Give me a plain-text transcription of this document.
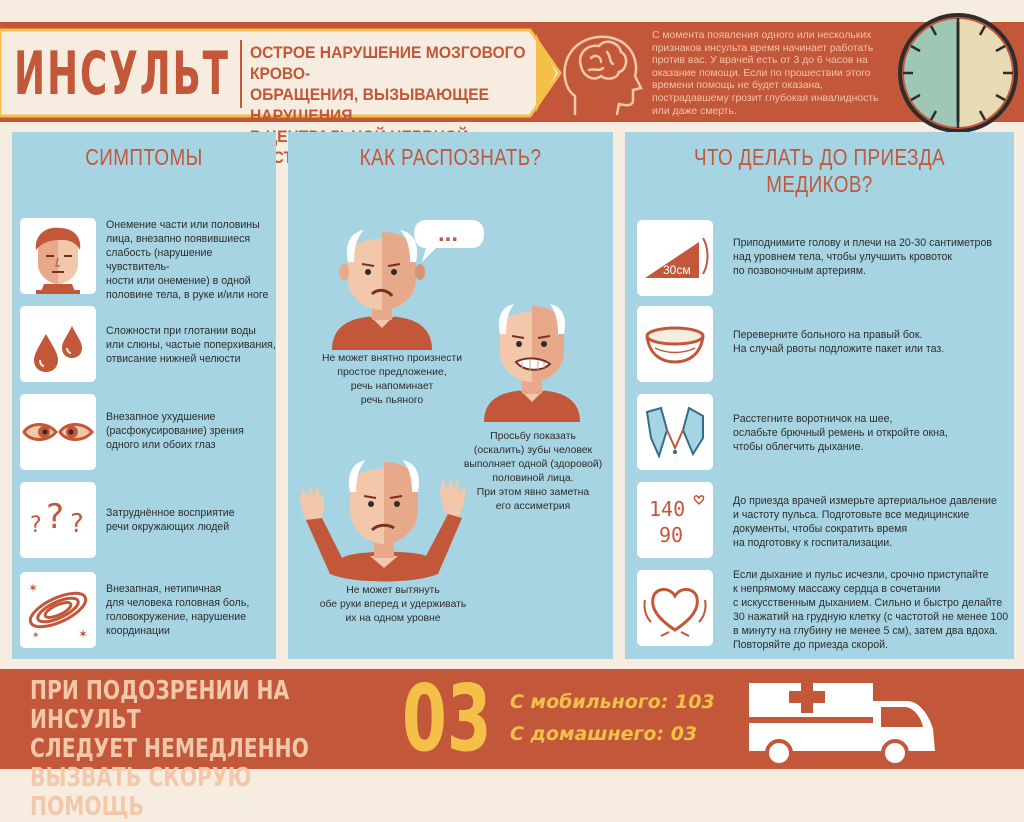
ИНСУЛЬТ ОСТРОЕ НАРУШЕНИЕ МОЗГОВОГО КРОВО-
ОБРАЩЕНИЯ, ВЫЗЫВАЮЩЕЕ НАРУШЕНИЯ
С момента появления одного или нескольких
признаков инсульта время начинает работать
против вас. У врачей есть от 3 до 6 часов на
оказание помощи. Если по прошествии этого
времени помощь не будет оказана,
пострадавшему грозит глубокая инвалидность
или даже смерть.
СИМПТОМЫ
Онемение части или половины
лица, внезапно появившиеся
слабость (нарушение чувствитель-
ности или онемение) в одной
половине тела, в руке и/или ноге
Сложности при глотании воды
или слюны, частые поперхивания,
отвисание нижней челюсти
Внезапное ухудшение
(расфокусирование) зрения
одного или обоих глаз
? ? ? Затруднённое восприятие
речи окружающих людей
✶
✶
✶
Внезапная, нетипичная
для человека головная боль,
головокружение, нарушение
координации
КАК РАСПОЗНАТЬ?
...
Не может внятно произнести
простое предложение,
речь напоминает
речь пьяного
Просьбу показать
(оскалить) зубы человек
выполняет одной (здоровой)
половиной лица.
При этом явно заметна
его ассиметрия
Не может вытянуть
обе руки вперед и удерживать
их на одном уровне
ЧТО ДЕЛАТЬ ДО ПРИЕЗДА МЕДИКОВ?
30см
Приподнимите голову и плечи на 20-30 сантиметров
над уровнем тела, чтобы улучшить кровоток
по позвоночным артериям.
Переверните больного на правый бок.
На случай рвоты подложите пакет или таз.
Расстегните воротничок на шее,
ослабьте брючный ремень и откройте окна,
чтобы облегчить дыхание.
140
90
До приезда врачей измерьте артериальное давление
и частоту пульса. Подготовьте все медицинские
документы, чтобы сократить время
на подготовку к госпитализации.
Если дыхание и пульс исчезли, срочно приступайте
к непрямому массажу сердца в сочетании
с искусственным дыханием. Сильно и быстро делайте
30 нажатий на грудную клетку (с частотой не менее 100
в минуту на глубину не менее 5 см), затем два вдоха.
Повторяйте до приезда скорой.
ПРИ ПОДОЗРЕНИИ НА ИНСУЛЬТ
СЛЕДУЕТ НЕМЕДЛЕННО
ВЫЗВАТЬ СКОРУЮ ПОМОЩЬ
03 С мобильного: 103
С домашнего: 03
